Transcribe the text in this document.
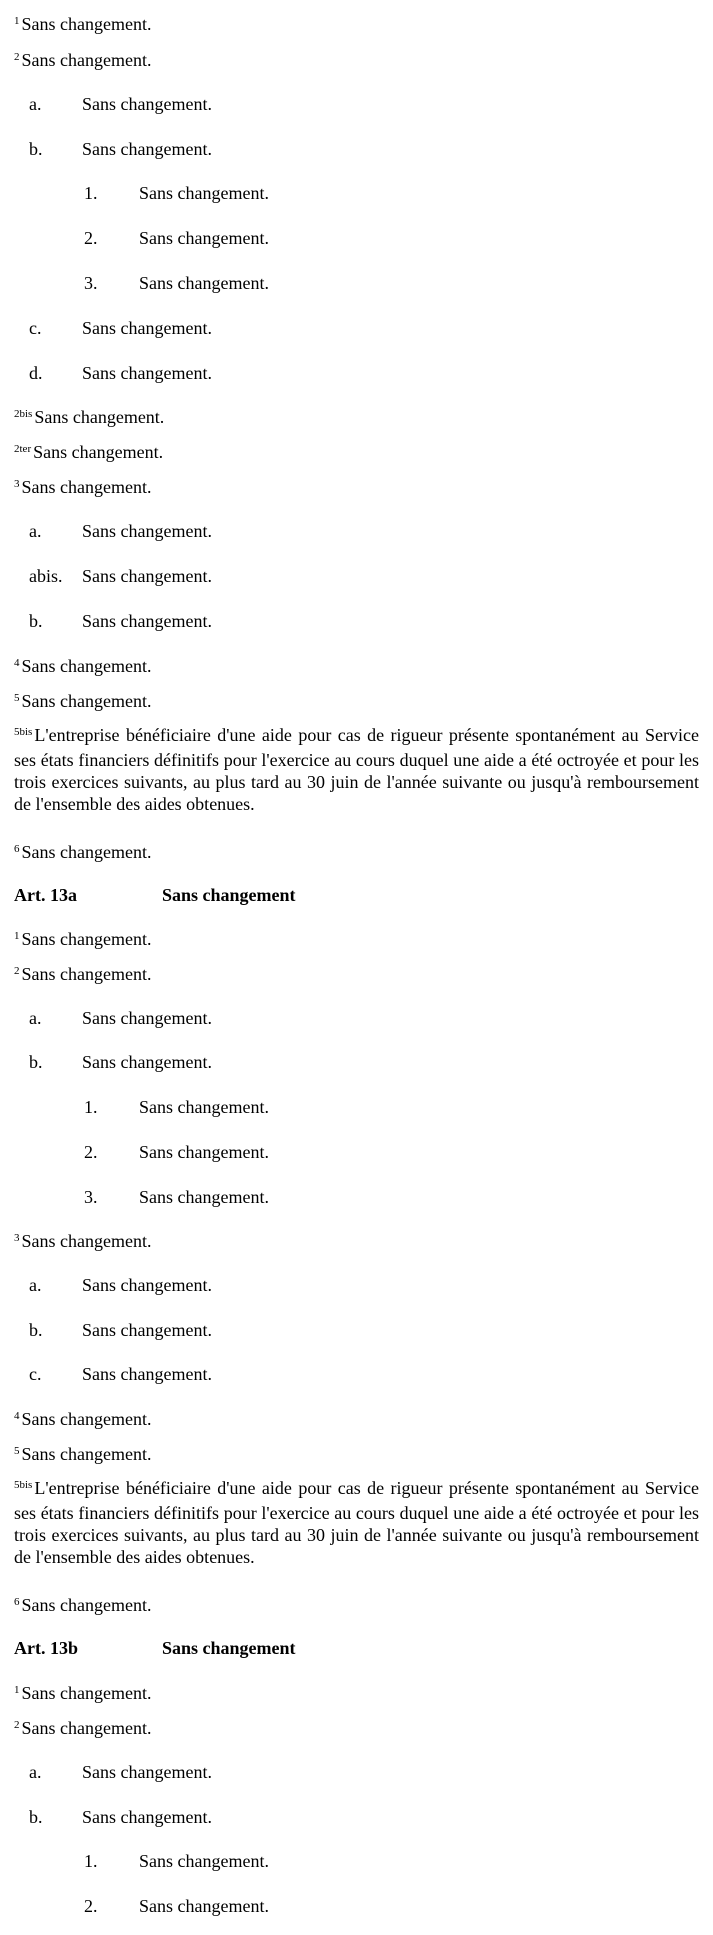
$^1$ Sans changement.
$^2$ Sans changement.
a. Sans changement.
b. Sans changement.
1. Sans changement.
2. Sans changement.
3. Sans changement.
c. Sans changement.
d. Sans changement.
$^{2bis}$ Sans changement.
$^{2ter}$ Sans changement.
$^3$ Sans changement.
a. Sans changement.
abis. Sans changement.
b. Sans changement.
$^4$ Sans changement.
$^5$ Sans changement.
$^{5bis}$ L'entreprise bénéficiaire d'une aide pour cas de rigueur présente spontanément au Service ses états financiers définitifs pour l'exercice au cours duquel une aide a été octroyée et pour les trois exercices suivants, au plus tard au 30 juin de l'année suivante ou jusqu'à remboursement de l'ensemble des aides obtenues.
$^6$ Sans changement.
Art. 13a	Sans changement
$^1$ Sans changement.
$^2$ Sans changement.
a. Sans changement.
b. Sans changement.
1. Sans changement.
2. Sans changement.
3. Sans changement.
$^3$ Sans changement.
a. Sans changement.
b. Sans changement.
c. Sans changement.
$^4$ Sans changement.
$^5$ Sans changement.
$^{5bis}$ L'entreprise bénéficiaire d'une aide pour cas de rigueur présente spontanément au Service ses états financiers définitifs pour l'exercice au cours duquel une aide a été octroyée et pour les trois exercices suivants, au plus tard au 30 juin de l'année suivante ou jusqu'à remboursement de l'ensemble des aides obtenues.
$^6$ Sans changement.
Art. 13b	Sans changement
$^1$ Sans changement.
$^2$ Sans changement.
a. Sans changement.
b. Sans changement.
1. Sans changement.
2. Sans changement.
